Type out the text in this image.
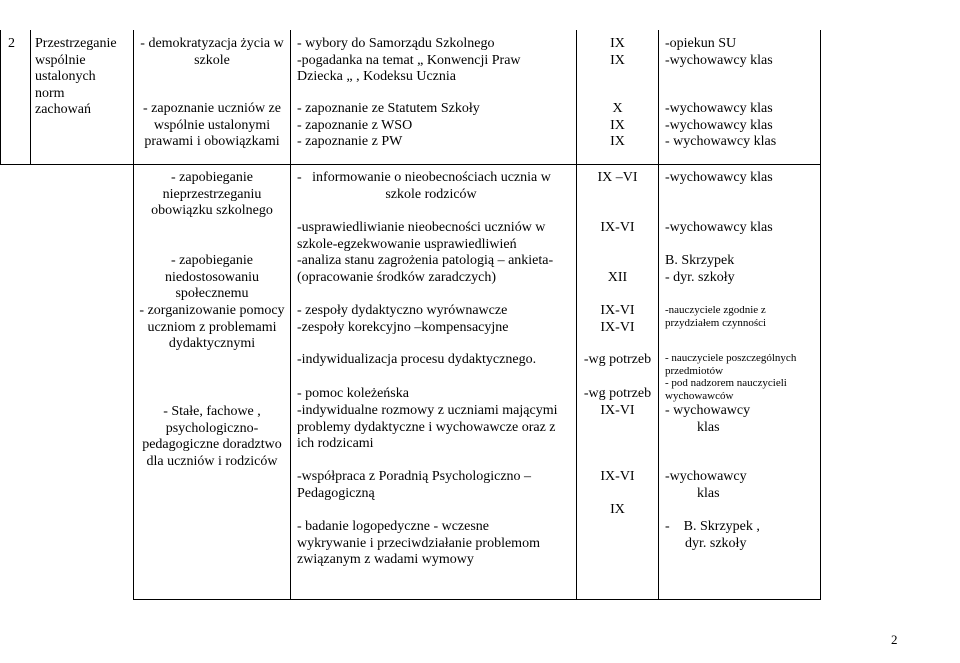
2 Przestrzeganie
wspólnie
ustalonych
norm
zachowań
- demokratyzacja życia w
szkole
- zapoznanie uczniów ze
wspólnie ustalonymi
prawami i obowiązkami
- wybory do Samorządu Szkolnego
-pogadanka na temat „ Konwencji Praw
Dziecka „ , Kodeksu Ucznia
- zapoznanie ze Statutem Szkoły
- zapoznanie z WSO
- zapoznanie z PW
IX
IX
X
IX
IX
-opiekun SU
-wychowawcy klas
-wychowawcy klas
-wychowawcy klas
- wychowawcy klas
- zapobieganie
nieprzestrzeganiu
obowiązku szkolnego
- zapobieganie
niedostosowaniu
społecznemu
- zorganizowanie pomocy
uczniom z problemami
dydaktycznymi
- Stałe, fachowe ,
psychologiczno-
pedagogiczne doradztwo
dla uczniów i rodziców
- informowanie o nieobecnościach ucznia w
szkole rodziców
-usprawiedliwianie nieobecności uczniów w
szkole-egzekwowanie usprawiedliwień
-analiza stanu zagrożenia patologią – ankieta-
(opracowanie środków zaradczych)
- zespoły dydaktyczno wyrównawcze
-zespoły korekcyjno –kompensacyjne
-indywidualizacja procesu dydaktycznego.
- pomoc koleżeńska
-indywidualne rozmowy z uczniami mającymi
problemy dydaktyczne i wychowawcze oraz z
ich rodzicami
-współpraca z Poradnią Psychologiczno –
Pedagogiczną
- badanie logopedyczne - wczesne
wykrywanie i przeciwdziałanie problemom
związanym z wadami wymowy
IX –VI
IX-VI
XII
IX-VI
IX-VI
-wg potrzeb
-wg potrzeb
IX-VI
IX-VI
IX
-wychowawcy klas
-wychowawcy klas
B. Skrzypek
- dyr. szkoły
-nauczyciele zgodnie z
przydziałem czynności
- nauczyciele poszczególnych
przedmiotów
- pod nadzorem nauczycieli
wychowawców
- wychowawcy
klas
-wychowawcy
klas
- B. Skrzypek ,
dyr. szkoły
2
